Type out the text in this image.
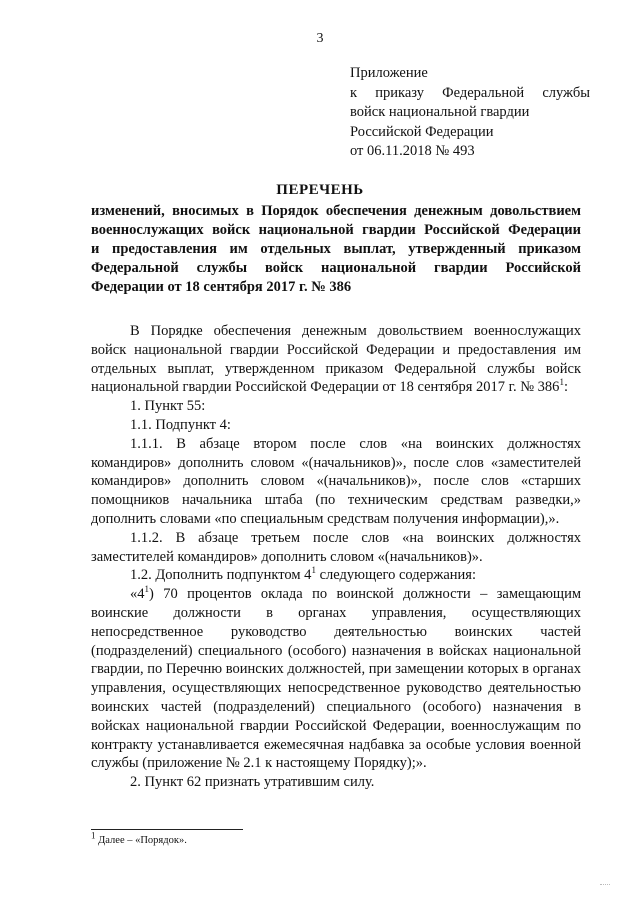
3
Приложение
к приказу Федеральной службы
войск национальной гвардии
Российской Федерации
от 06.11.2018 № 493
ПЕРЕЧЕНЬ
изменений, вносимых в Порядок обеспечения денежным довольствием
военнослужащих войск национальной гвардии Российской Федерации
и предоставления им отдельных выплат, утвержденный приказом
Федеральной службы войск национальной гвардии Российской
Федерации от 18 сентября 2017 г. № 386

В Порядке обеспечения денежным довольствием военнослужащих войск национальной гвардии Российской Федерации и предоставления им отдельных выплат, утвержденном приказом Федеральной службы войск национальной гвардии Российской Федерации от 18 сентября 2017 г. № $386^1$:

1. Пункт 55:

1.1. Подпункт 4:

1.1.1. В абзаце втором после слов «на воинских должностях командиров» дополнить словом «(начальников)», после слов «заместителей командиров» дополнить словом «(начальников)», после слов «старших помощников начальника штаба (по техническим средствам разведки,» дополнить словами «по специальным средствам получения информации),».

1.1.2. В абзаце третьем после слов «на воинских должностях заместителей командиров» дополнить словом «(начальников)».

1.2. Дополнить подпунктом $4^1$ следующего содержания:

«$4^1$) 70 процентов оклада по воинской должности – замещающим воинские должности в органах управления, осуществляющих непосредственное руководство деятельностью воинских частей (подразделений) специального (особого) назначения в войсках национальной гвардии, по Перечню воинских должностей, при замещении которых в органах управления, осуществляющих непосредственное руководство деятельностью воинских частей (подразделений) специального (особого) назначения в войсках национальной гвардии Российской Федерации, военнослужащим по контракту устанавливается ежемесячная надбавка за особые условия военной службы (приложение № 2.1 к настоящему Порядку);».

2. Пункт 62 признать утратившим силу.

$^1$ Далее – «Порядок».
